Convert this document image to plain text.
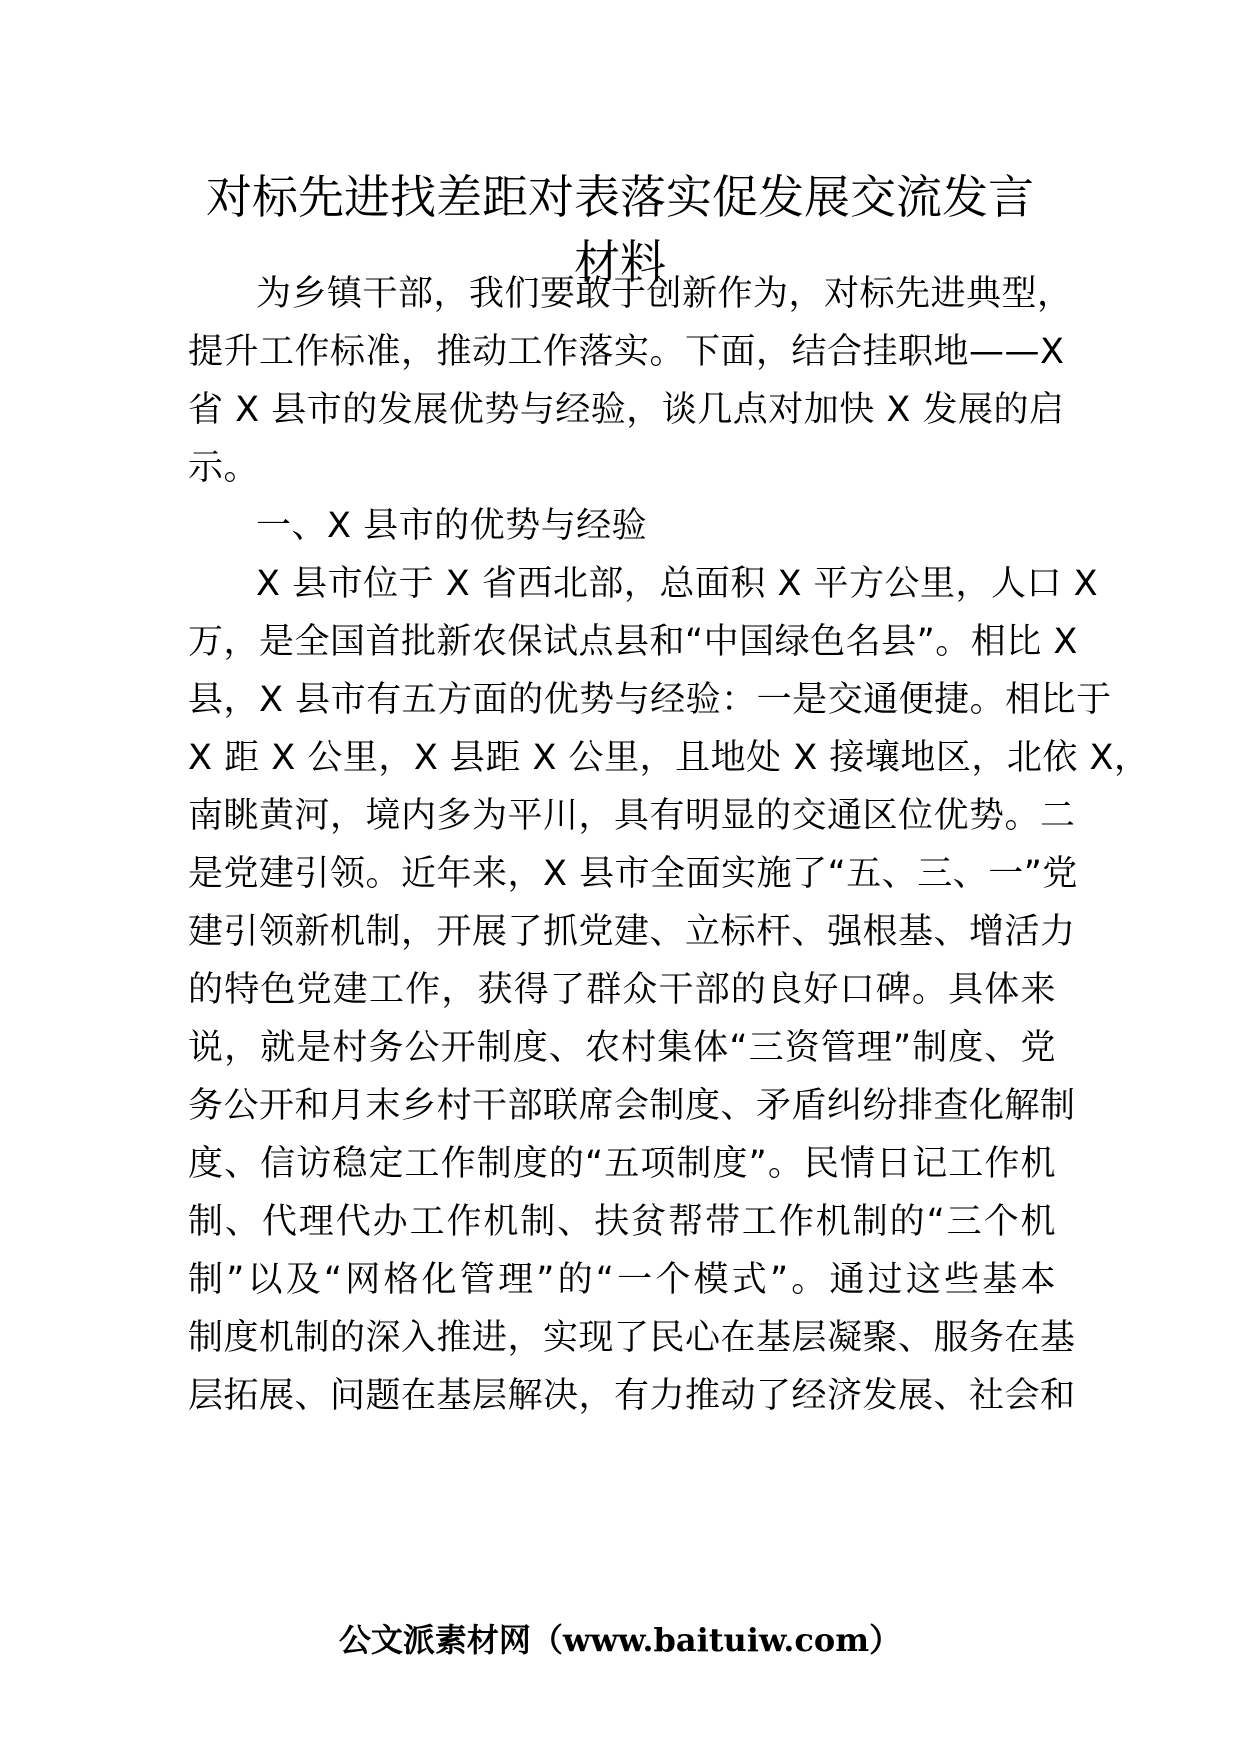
对标先进找差距对表落实促发展交流发言
材料
为乡镇干部，我们要敢于创新作为，对标先进典型，
提升工作标准，推动工作落实。下面，结合挂职地——X
省 X 县市的发展优势与经验，谈几点对加快 X 发展的启
示。
一、X 县市的优势与经验
X 县市位于 X 省西北部，总面积 X 平方公里，人口 X
万，是全国首批新农保试点县和“中国绿色名县”。相比 X
县，X 县市有五方面的优势与经验：一是交通便捷。相比于
X 距 X 公里，X 县距 X 公里，且地处 X 接壤地区，北依 X，
南眺黄河，境内多为平川，具有明显的交通区位优势。二
是党建引领。近年来，X 县市全面实施了“五、三、一”党
建引领新机制，开展了抓党建、立标杆、强根基、增活力
的特色党建工作，获得了群众干部的良好口碑。具体来
说，就是村务公开制度、农村集体“三资管理”制度、党
务公开和月末乡村干部联席会制度、矛盾纠纷排查化解制
度、信访稳定工作制度的“五项制度”。民情日记工作机
制、代理代办工作机制、扶贫帮带工作机制的“三个机
制”以及“网格化管理”的“一个模式”。通过这些基本
制度机制的深入推进，实现了民心在基层凝聚、服务在基
层拓展、问题在基层解决，有力推动了经济发展、社会和
公文派素材网（www.baituiw.com）
